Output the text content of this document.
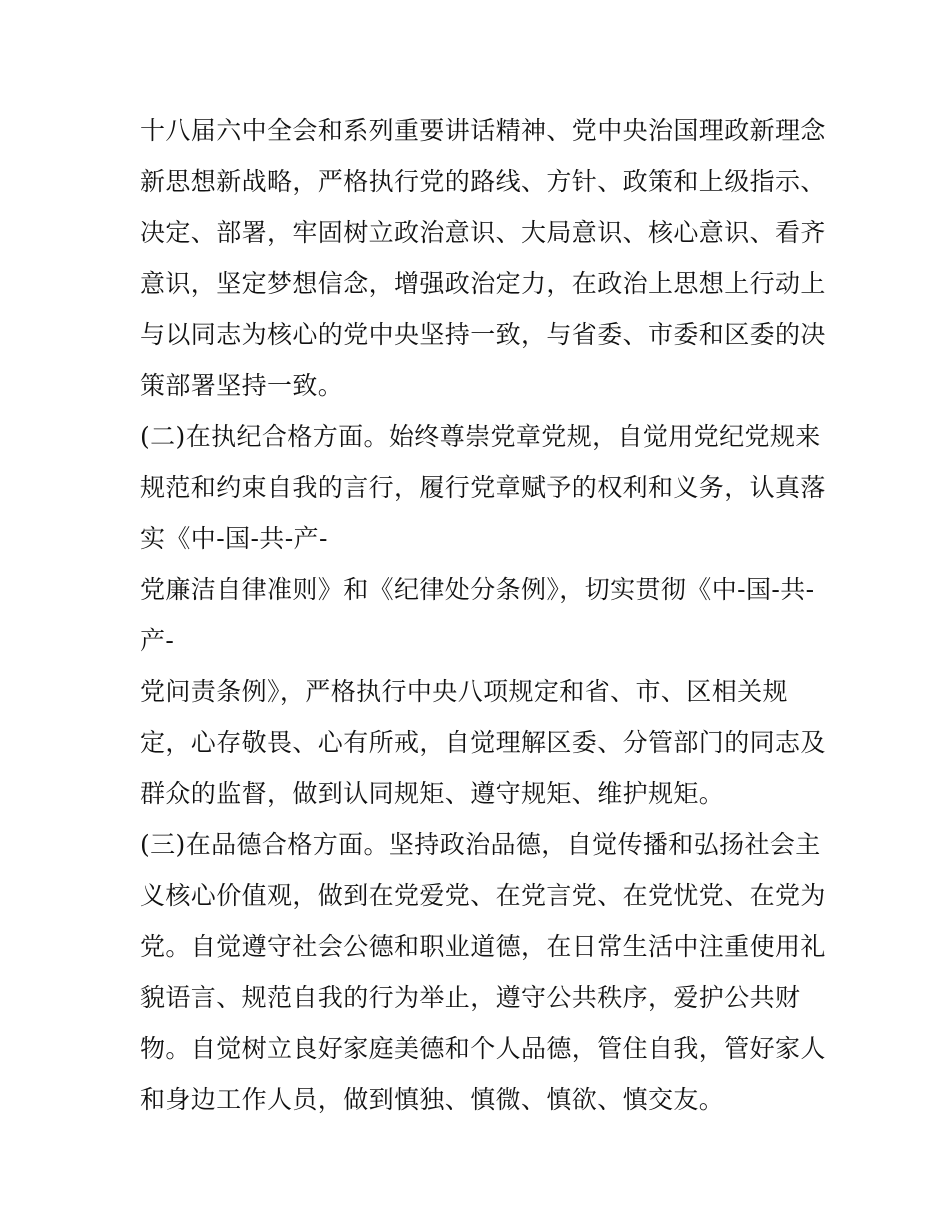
十八届六中全会和系列重要讲话精神、党中央治国理政新理念
新思想新战略，严格执行党的路线、方针、政策和上级指示、
决定、部署，牢固树立政治意识、大局意识、核心意识、看齐
意识，坚定梦想信念，增强政治定力，在政治上思想上行动上
与以同志为核心的党中央坚持一致，与省委、市委和区委的决
策部署坚持一致。
(二)在执纪合格方面。始终尊崇党章党规，自觉用党纪党规来
规范和约束自我的言行，履行党章赋予的权利和义务，认真落
实《中-国-共-产-
党廉洁自律准则》和《纪律处分条例》，切实贯彻《中-国-共-
产-
党问责条例》，严格执行中央八项规定和省、市、区相关规
定，心存敬畏、心有所戒，自觉理解区委、分管部门的同志及
群众的监督，做到认同规矩、遵守规矩、维护规矩。
(三)在品德合格方面。坚持政治品德，自觉传播和弘扬社会主
义核心价值观，做到在党爱党、在党言党、在党忧党、在党为
党。自觉遵守社会公德和职业道德，在日常生活中注重使用礼
貌语言、规范自我的行为举止，遵守公共秩序，爱护公共财
物。自觉树立良好家庭美德和个人品德，管住自我，管好家人
和身边工作人员，做到慎独、慎微、慎欲、慎交友。
